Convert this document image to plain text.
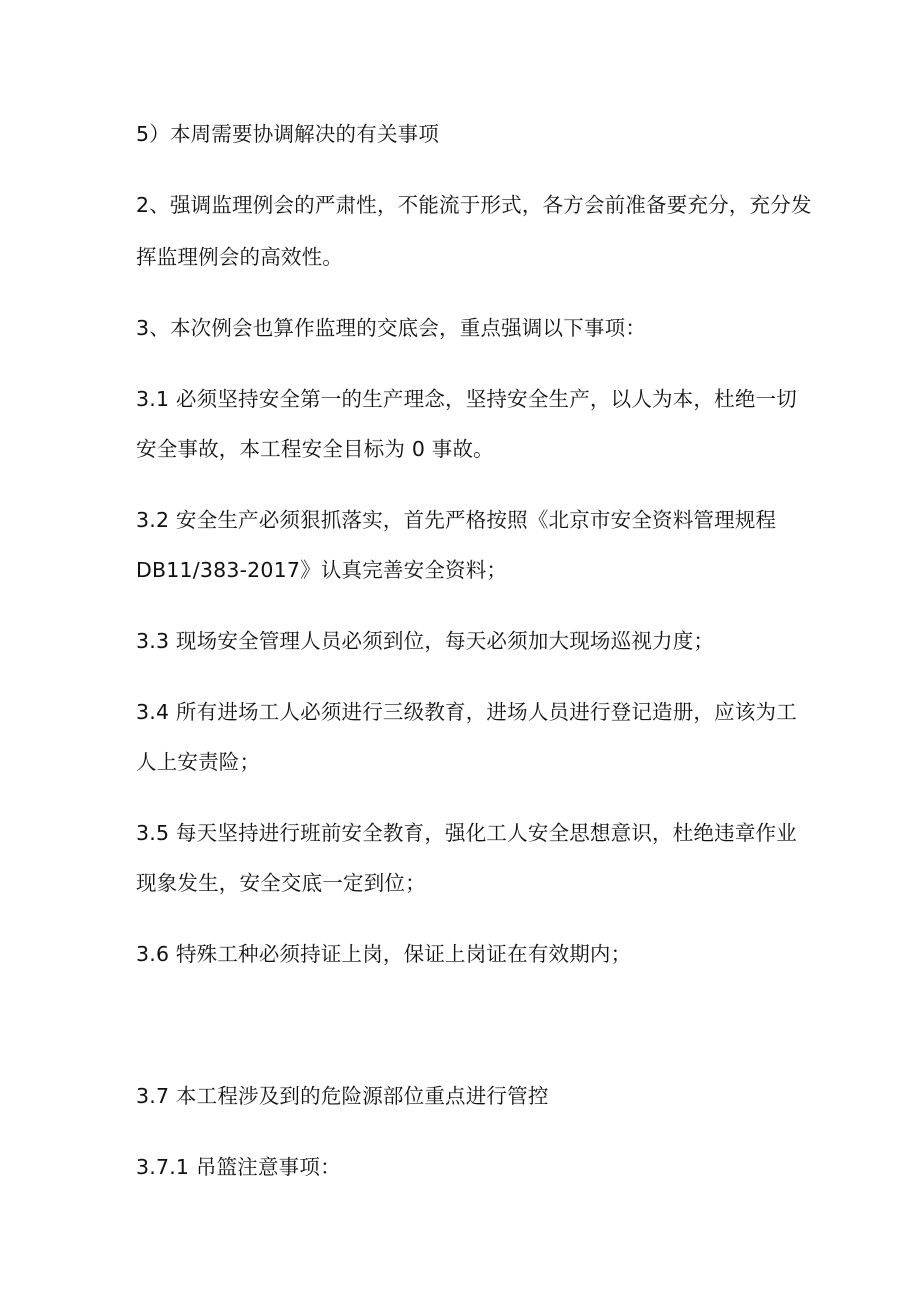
5）本周需要协调解决的有关事项
2、强调监理例会的严肃性，不能流于形式，各方会前准备要充分，充分发
挥监理例会的高效性。
3、本次例会也算作监理的交底会，重点强调以下事项：
3.1 必须坚持安全第一的生产理念，坚持安全生产，以人为本，杜绝一切
安全事故，本工程安全目标为 0 事故。
3.2 安全生产必须狠抓落实，首先严格按照《北京市安全资料管理规程
DB11/383-2017》认真完善安全资料；
3.3 现场安全管理人员必须到位，每天必须加大现场巡视力度；
3.4 所有进场工人必须进行三级教育，进场人员进行登记造册，应该为工
人上安责险；
3.5 每天坚持进行班前安全教育，强化工人安全思想意识，杜绝违章作业
现象发生，安全交底一定到位；
3.6 特殊工种必须持证上岗，保证上岗证在有效期内；
3.7 本工程涉及到的危险源部位重点进行管控
3.7.1 吊篮注意事项：
